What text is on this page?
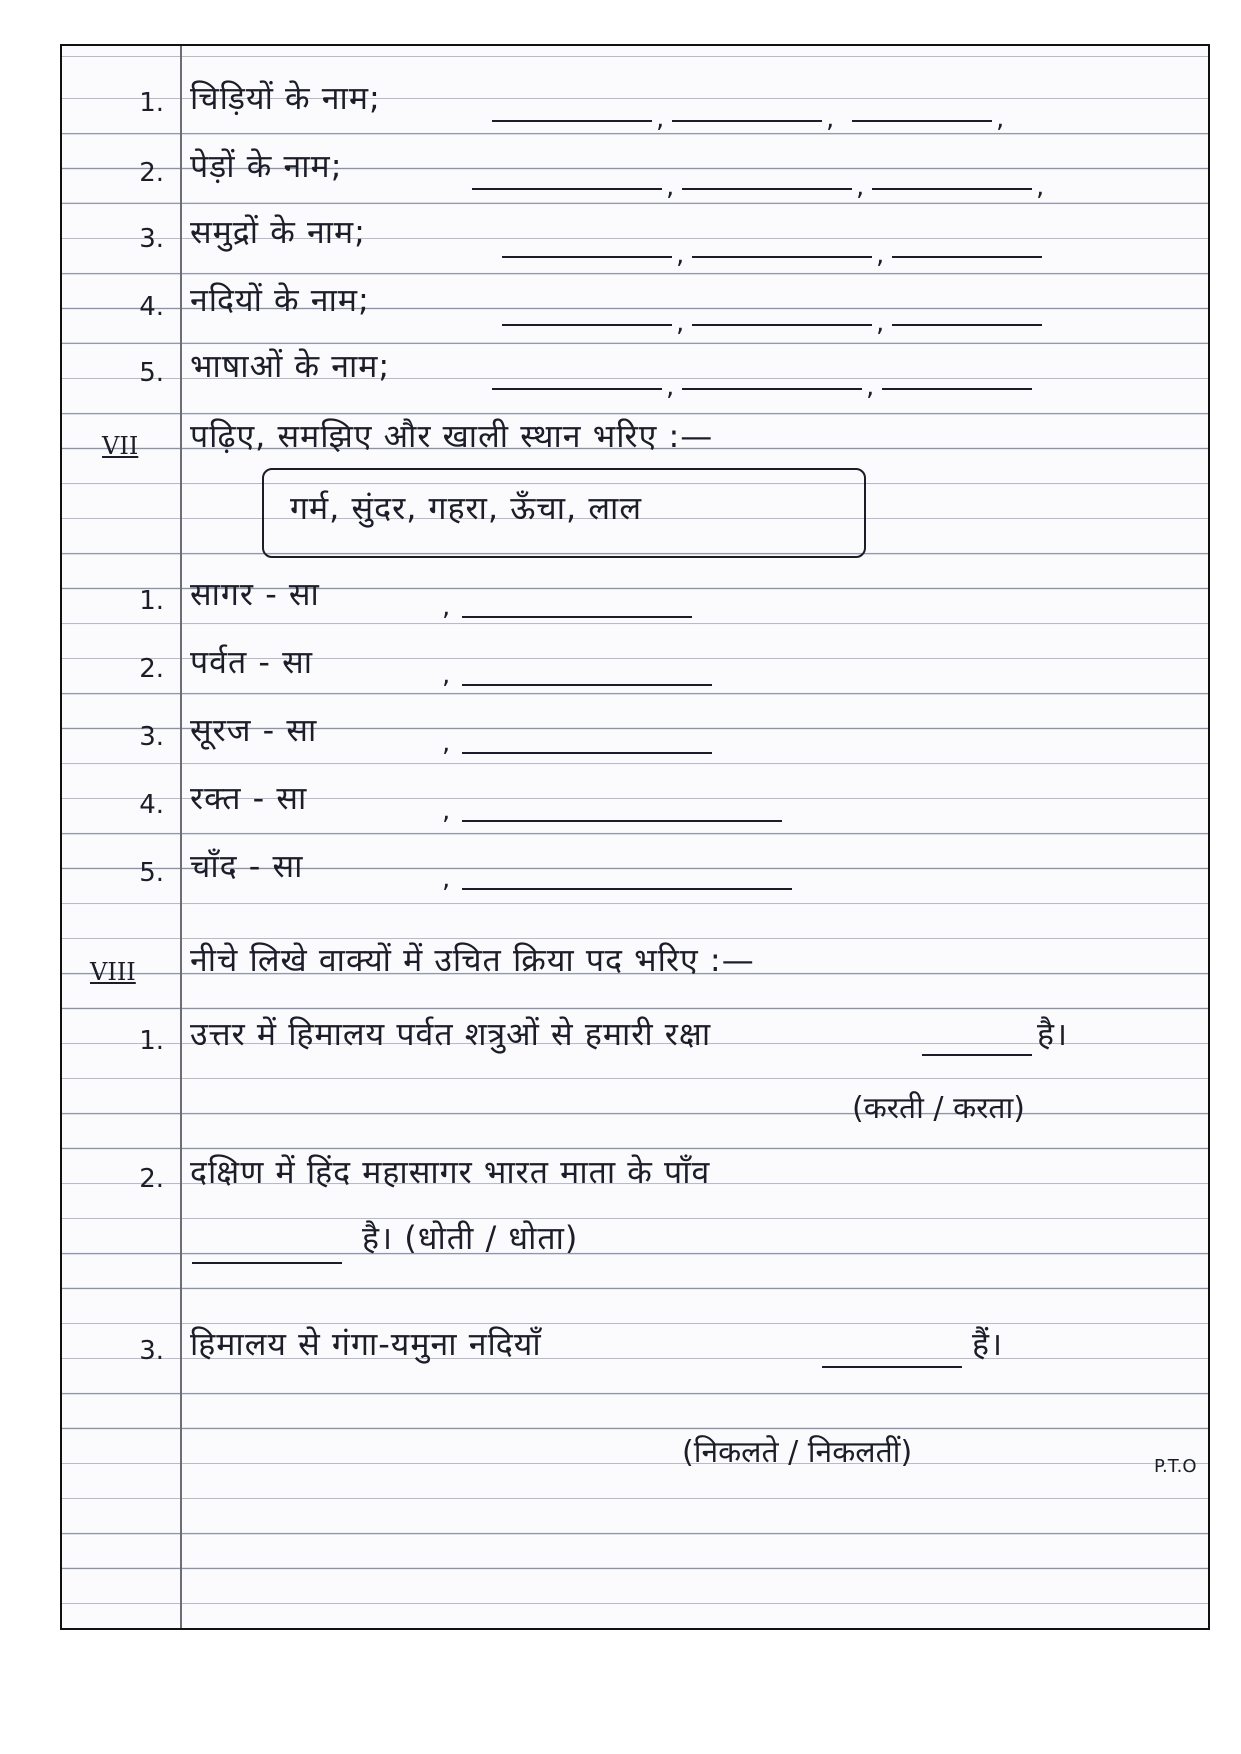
1. चिड़ियों के नाम;
,	,	,
2. पेड़ों के नाम;
,	,	,
3. समुद्रों के नाम;
,	,
4. नदियों के नाम;
,	,
5. भाषाओं के नाम;
,	,
VII पढ़िए, समझिए और खाली स्थान भरिए :—
गर्म, सुंदर, गहरा, ऊँचा, लाल
1. सागर - सा	,
2. पर्वत - सा	,
3. सूरज - सा	,
4. रक्त - सा	,
5. चाँद - सा	,
VIII नीचे लिखे वाक्यों में उचित क्रिया पद भरिए :—
1. उत्तर में हिमालय पर्वत शत्रुओं से हमारी रक्षा	है।
(करती / करता)
2. दक्षिण में हिंद महासागर भारत माता के पाँव
है। (धोती / धोता)
3. हिमालय से गंगा-यमुना नदियाँ	हैं।
(निकलते / निकलतीं)	P.T.O
